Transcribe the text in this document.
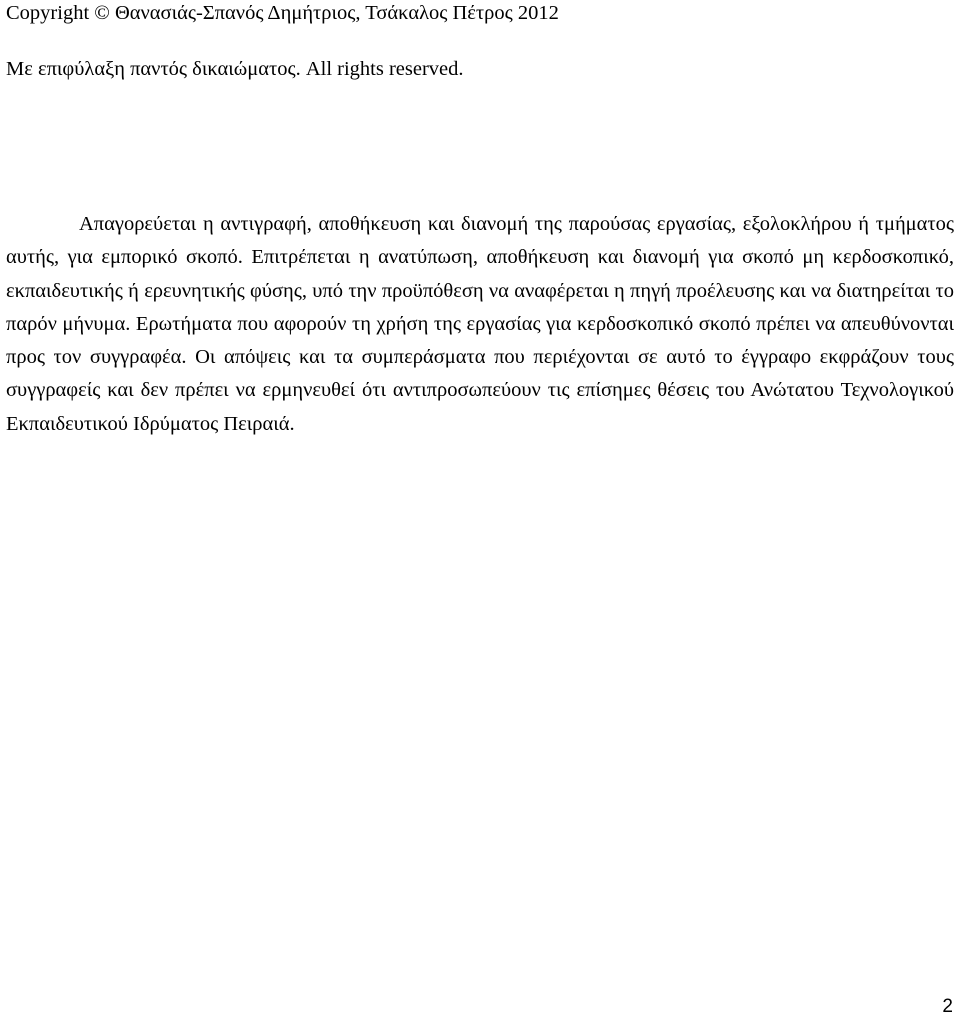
Copyright © Θανασιάς-Σπανός Δημήτριος, Τσάκαλος Πέτρος 2012
Με επιφύλαξη παντός δικαιώματος. All rights reserved.

Απαγορεύεται η αντιγραφή, αποθήκευση και διανομή της παρούσας εργασίας, εξολοκλήρου ή τμήματος αυτής, για εμπορικό σκοπό. Επιτρέπεται η ανατύπωση, αποθήκευση και διανομή για σκοπό μη κερδοσκοπικό, εκπαιδευτικής ή ερευνητικής φύσης, υπό την προϋπόθεση να αναφέρεται η πηγή προέλευσης και να διατηρείται το παρόν μήνυμα. Ερωτήματα που αφορούν τη χρήση της εργασίας για κερδοσκοπικό σκοπό πρέπει να απευθύνονται προς τον συγγραφέα. Οι απόψεις και τα συμπεράσματα που περιέχονται σε αυτό το έγγραφο εκφράζουν τους συγγραφείς και δεν πρέπει να ερμηνευθεί ότι αντιπροσωπεύουν τις επίσημες θέσεις του Ανώτατου Τεχνολογικού Εκπαιδευτικού Ιδρύματος Πειραιά.

2
